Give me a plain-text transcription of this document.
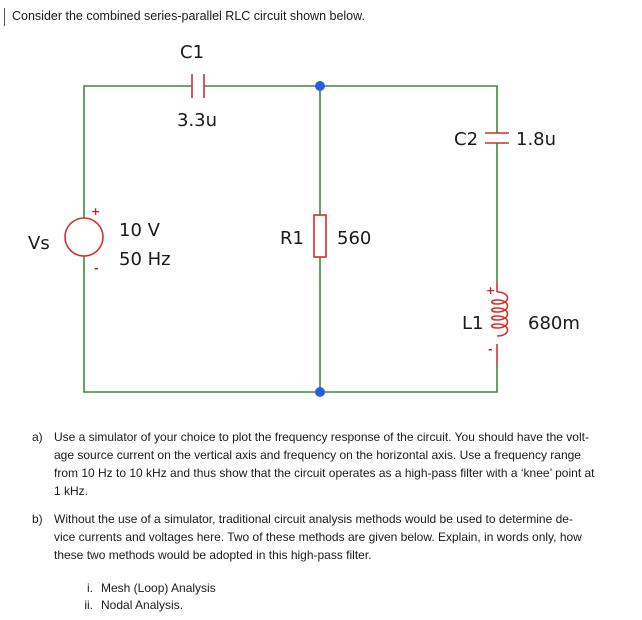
Consider the combined series-parallel RLC circuit shown below.
C1
3.3u
C2 1.8u
R1 560
+
-
L1 680m
+
-
Vs
10 V
50 Hz
a) Use a simulator of your choice to plot the frequency response of the circuit. You should have the volt-
age source current on the vertical axis and frequency on the horizontal axis. Use a frequency range
from 10 Hz to 10 kHz and thus show that the circuit operates as a high-pass filter with a ‘knee’ point at
1 kHz.
b) Without the use of a simulator, traditional circuit analysis methods would be used to determine de-
vice currents and voltages here. Two of these methods are given below. Explain, in words only, how
these two methods would be adopted in this high-pass filter.
i. Mesh (Loop) Analysis
ii. Nodal Analysis.
